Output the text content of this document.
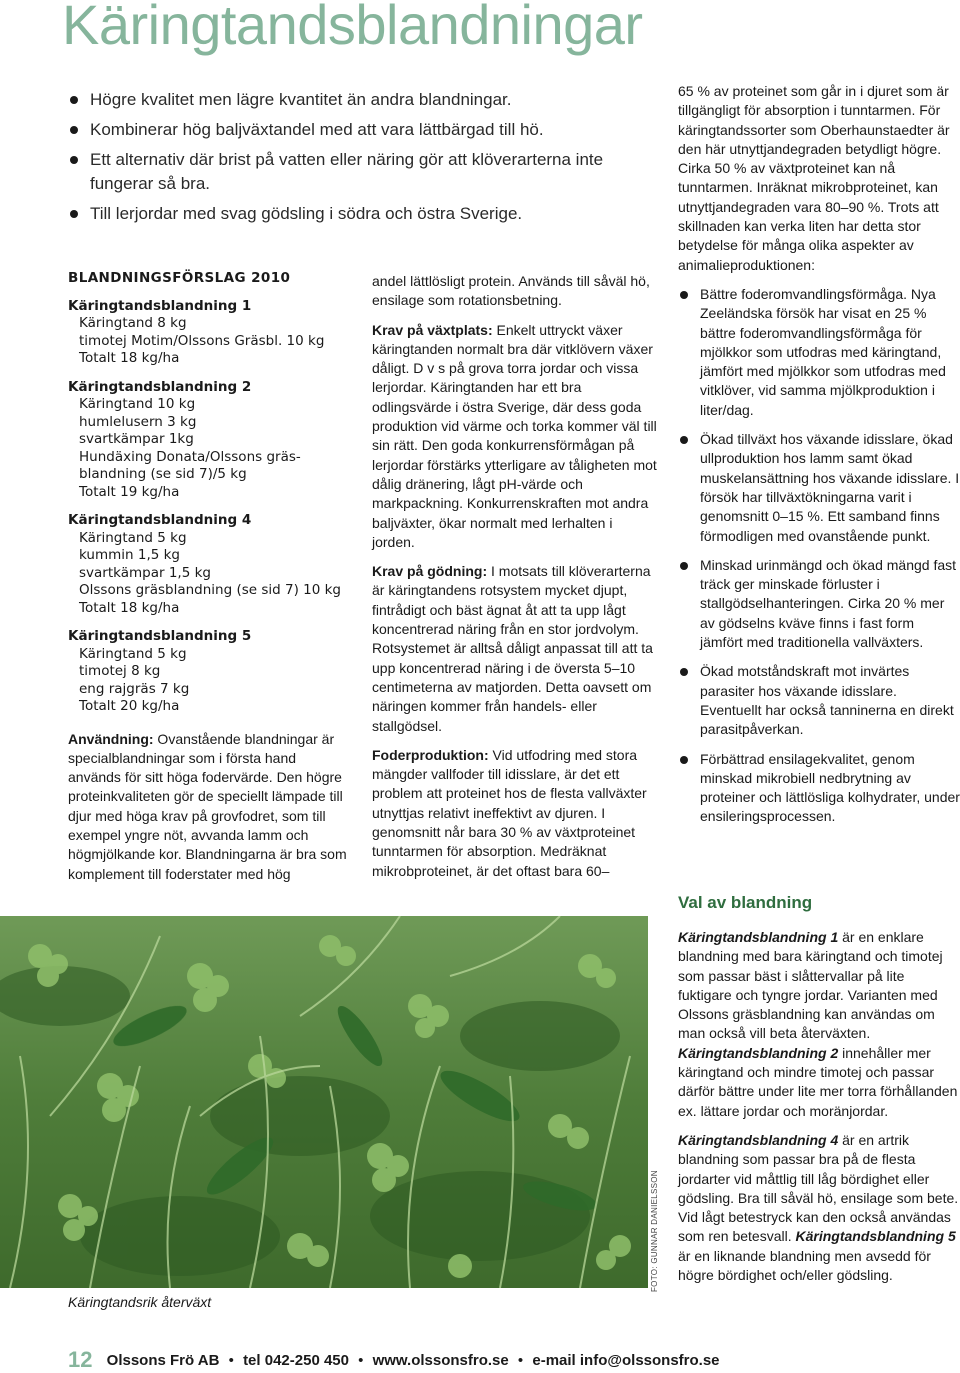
Käringtandsblandningar
Högre kvalitet men lägre kvantitet än andra blandningar.
Kombinerar hög baljväxtandel med att vara lättbärgad till hö.
Ett alternativ där brist på vatten eller näring gör att klöverarterna inte fungerar så bra.
Till lerjordar med svag gödsling i södra och östra Sverige.
BLANDNINGSFÖRSLAG 2010
Käringtandsblandning 1
Käringtand 8 kg
timotej Motim/Olssons Gräsbl. 10 kg
Totalt 18 kg/ha
Käringtandsblandning 2
Käringtand 10 kg
humlelusern 3 kg
svartkämpar 1kg
Hundäxing Donata/Olssons gräs-
blandning (se sid 7)/5 kg
Totalt 19 kg/ha
Käringtandsblandning 4
Käringtand 5 kg
kummin 1,5 kg
svartkämpar 1,5 kg
Olssons gräsblandning (se sid 7) 10 kg
Totalt 18 kg/ha
Käringtandsblandning 5
Käringtand 5 kg
timotej 8 kg
eng rajgräs 7 kg
Totalt 20 kg/ha

Användning: Ovanstående blandningar är specialblandningar som i första hand används för sitt höga fodervärde. Den högre proteinkvaliteten gör de speciellt lämpade till djur med höga krav på grovfodret, som till exempel yngre nöt, avvanda lamm och högmjölkande kor. Blandningarna är bra som komplement till foderstater med hög

andel lättlösligt protein. Används till såväl hö, ensilage som rotationsbetning.

Krav på växtplats: Enkelt uttryckt växer käringtanden normalt bra där vitklövern växer dåligt. D v s på grova torra jordar och vissa lerjordar. Käringtanden har ett bra odlingsvärde i östra Sverige, där dess goda produktion vid värme och torka kommer väl till sin rätt. Den goda konkurrensförmågan på lerjordar förstärks ytterligare av tåligheten mot dålig dränering, lågt pH-värde och markpackning. Konkurrenskraften mot andra baljväxter, ökar normalt med lerhalten i jorden.

Krav på gödning: I motsats till klöverarterna är käringtandens rotsystem mycket djupt, fintrådigt och bäst ägnat åt att ta upp lågt koncentrerad näring från en stor jordvolym. Rotsystemet är alltså dåligt anpassat till att ta upp koncentrerad näring i de översta 5–10 centimeterna av matjorden. Detta oavsett om näringen kommer från handels- eller stallgödsel.

Foderproduktion: Vid utfodring med stora mängder vallfoder till idisslare, är det ett problem att proteinet hos de flesta vallväxter utnyttjas relativt ineffektivt av djuren. I genomsnitt når bara 30 % av växtproteinet tunntarmen för absorption. Medräknat mikrobproteinet, är det oftast bara 60–

65 % av proteinet som går in i djuret som är tillgängligt för absorption i tunntarmen. För käringtandssorter som Oberhaunstaedter är den här utnyttjandegraden betydligt högre. Cirka 50 % av växtproteinet kan nå tunntarmen. Inräknat mikrobproteinet, kan utnyttjandegraden vara 80–90 %. Trots att skillnaden kan verka liten har detta stor betydelse för många olika aspekter av animalieproduktionen:

Bättre foderomvandlingsförmåga. Nya Zeeländska försök har visat en 25 % bättre foderomvandlingsförmåga för mjölkkor som utfodras med käringtand, jämfört med mjölkkor som utfodras med vitklöver, vid samma mjölkproduktion i liter/dag.
Ökad tillväxt hos växande idisslare, ökad ullproduktion hos lamm samt ökad muskelansättning hos växande idisslare. I försök har tillväxtökningarna varit i genomsnitt 0–15 %. Ett samband finns förmodligen med ovanstående punkt.
Minskad urinmängd och ökad mängd fast träck ger minskade förluster i stallgödselhanteringen. Cirka 20 % mer av gödselns kväve finns i fast form jämfört med traditionella vallväxters.
Ökad motståndskraft mot invärtes parasiter hos växande idisslare. Eventuellt har också tanninerna en direkt parasitpåverkan.
Förbättrad ensilagekvalitet, genom minskad mikrobiell nedbrytning av proteiner och lättlösliga kolhydrater, under ensileringsprocessen.
Val av blandning

Käringtandsblandning 1 är en enklare blandning med bara käringtand och timotej som passar bäst i slåttervallar på lite fuktigare och tyngre jordar. Varianten med Olssons gräsblandning kan användas om man också vill beta återväxten. Käringtandsblandning 2 innehåller mer käringtand och mindre timotej och passar därför bättre under lite mer torra förhållanden ex. lättare jordar och moränjordar.

Käringtandsblandning 4 är en artrik blandning som passar bra på de flesta jordarter vid måttlig till låg bördighet eller gödsling. Bra till såväl hö, ensilage som bete. Vid lågt betestryck kan den också användas som ren betesvall. Käringtandsblandning 5 är en liknande blandning men avsedd för högre bördighet och/eller gödsling.

Käringtandsrik återväxt
FOTO: GUNNAR DANIELSSON
12 Olssons Frö AB • tel 042-250 450 • www.olssonsfro.se • e-mail info@olssonsfro.se
